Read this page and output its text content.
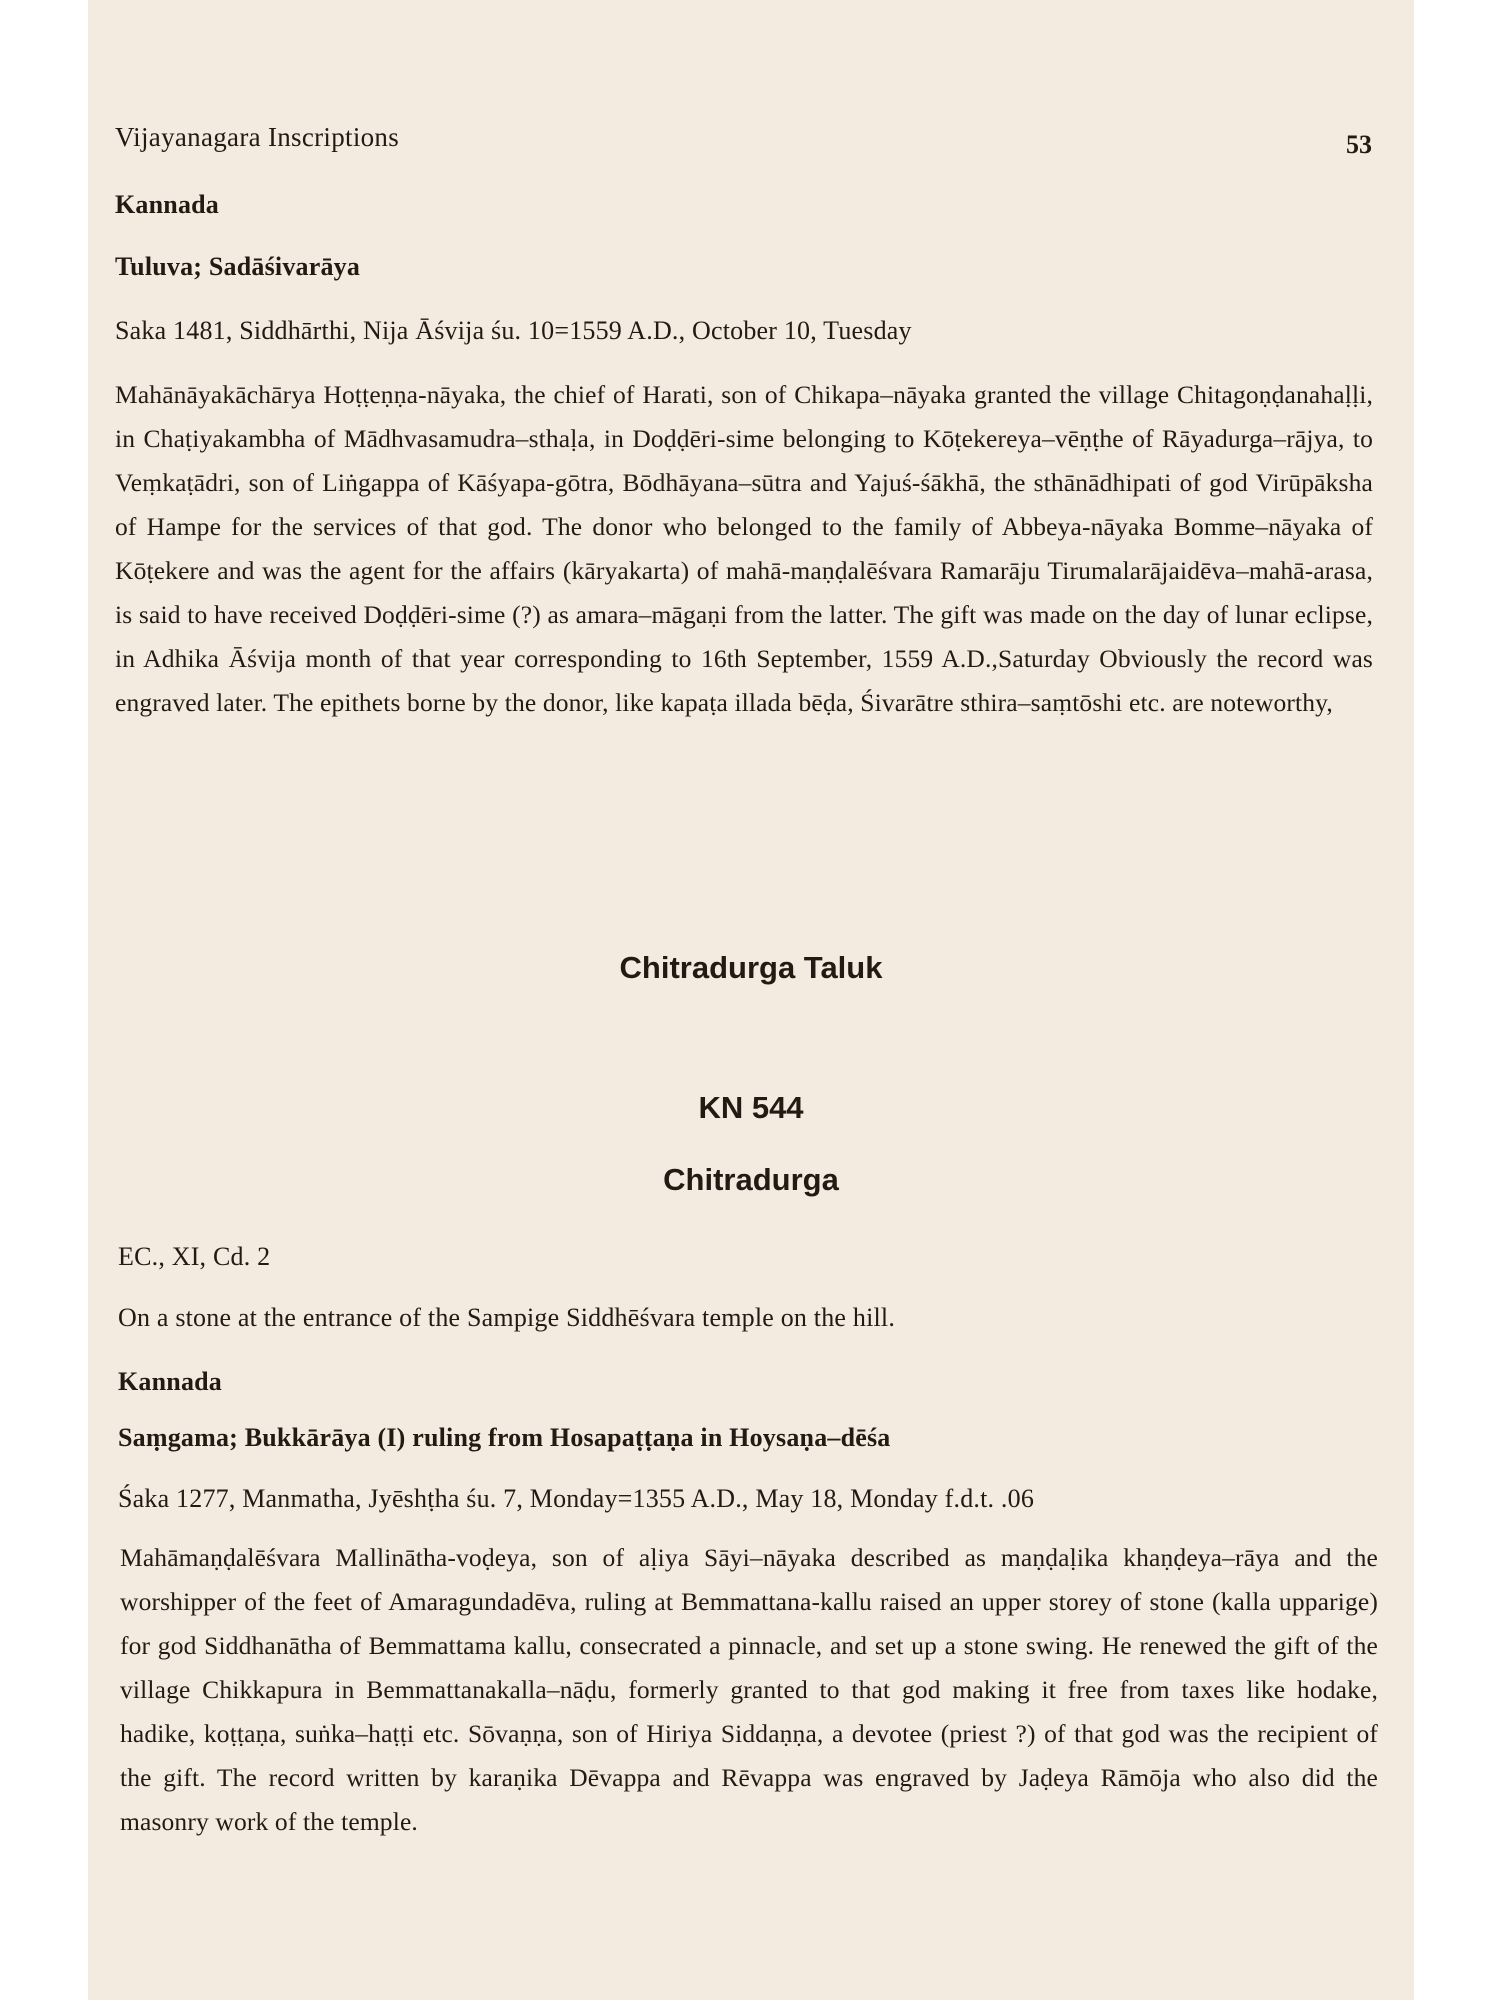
Vijayanagara Inscriptions	53
Kannada
Tuluva; Sadāśivarāya
Saka 1481, Siddhārthi, Nija Āśvija śu. 10=1559 A.D., October 10, Tuesday
Mahānāyakāchārya Hoṭṭeṇṇa-nāyaka, the chief of Harati, son of Chikapa–nāyaka granted the village Chitagoṇḍanahaḷḷi, in Chaṭiyakambha of Mādhvasamudra–sthaḷa, in Doḍḍēri-sime belonging to Kōṭekereya–vēṇṭhe of Rāyadurga–rājya, to Veṃkaṭādri, son of Liṅgappa of Kāśyapa-gōtra, Bōdhāyana–sūtra and Yajuś-śākhā, the sthānādhipati of god Virūpāksha of Hampe for the services of that god. The donor who belonged to the family of Abbeya-nāyaka Bomme–nāyaka of Kōṭekere and was the agent for the affairs (kāryakarta) of mahā-maṇḍalēśvara Ramarāju Tirumalarājaidēva–mahā-arasa, is said to have received Doḍḍēri-sime (?) as amara–māgaṇi from the latter. The gift was made on the day of lunar eclipse, in Adhika Āśvija month of that year corresponding to 16th September, 1559 A.D.,Saturday Obviously the record was engraved later. The epithets borne by the donor, like kapaṭa illada bēḍa, Śivarātre sthira–saṃtōshi etc. are noteworthy,
Chitradurga Taluk
KN 544
Chitradurga
EC., XI, Cd. 2
On a stone at the entrance of the Sampige Siddhēśvara temple on the hill.
Kannada
Saṃgama; Bukkārāya (I) ruling from Hosapaṭṭaṇa in Hoysaṇa–dēśa
Śaka 1277, Manmatha, Jyēshṭha śu. 7, Monday=1355 A.D., May 18, Monday f.d.t. .06
Mahāmaṇḍalēśvara Mallinātha-voḍeya, son of aḷiya Sāyi–nāyaka described as maṇḍaḷika khaṇḍeya–rāya and the worshipper of the feet of Amaragundadēva, ruling at Bemmattana-kallu raised an upper storey of stone (kalla upparige) for god Siddhanātha of Bemmattama kallu, consecrated a pinnacle, and set up a stone swing. He renewed the gift of the village Chikkapura in Bemmattanakalla–nāḍu, formerly granted to that god making it free from taxes like hodake, hadike, koṭṭaṇa, suṅka–haṭṭi etc. Sōvaṇṇa, son of Hiriya Siddaṇṇa, a devotee (priest ?) of that god was the recipient of the gift. The record written by karaṇika Dēvappa and Rēvappa was engraved by Jaḍeya Rāmōja who also did the masonry work of the temple.
